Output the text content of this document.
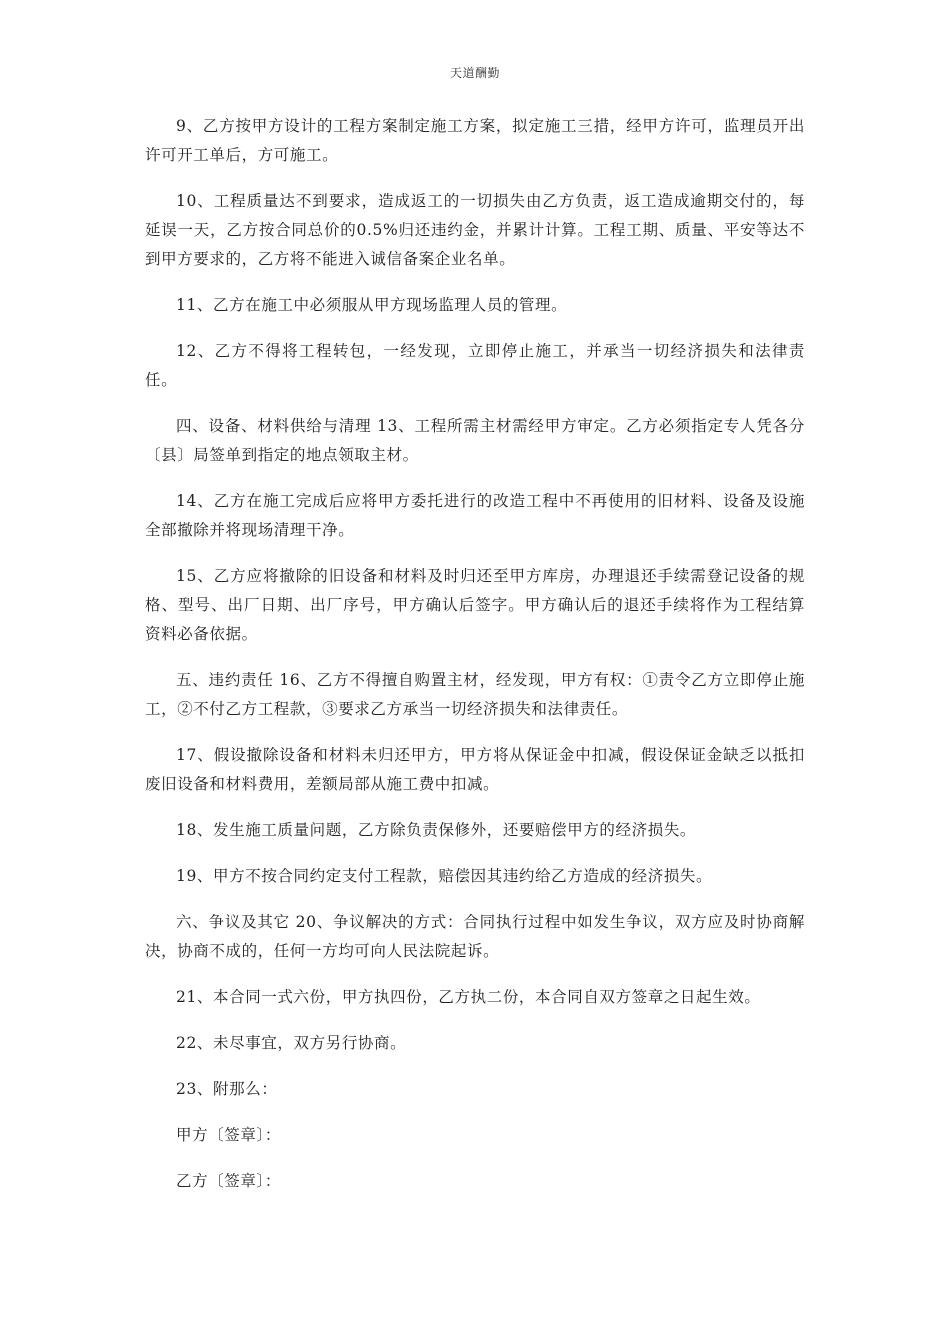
天道酬勤

9、乙方按甲方设计的工程方案制定施工方案，拟定施工三措，经甲方许可，监理员开出许可开工单后，方可施工。

10、工程质量达不到要求，造成返工的一切损失由乙方负责，返工造成逾期交付的，每延误一天，乙方按合同总价的0.5%归还违约金，并累计计算。工程工期、质量、平安等达不到甲方要求的，乙方将不能进入诚信备案企业名单。

11、乙方在施工中必须服从甲方现场监理人员的管理。

12、乙方不得将工程转包，一经发现，立即停止施工，并承当一切经济损失和法律责任。

四、设备、材料供给与清理 13、工程所需主材需经甲方审定。乙方必须指定专人凭各分〔县〕局签单到指定的地点领取主材。

14、乙方在施工完成后应将甲方委托进行的改造工程中不再使用的旧材料、设备及设施全部撤除并将现场清理干净。

15、乙方应将撤除的旧设备和材料及时归还至甲方库房，办理退还手续需登记设备的规格、型号、出厂日期、出厂序号，甲方确认后签字。甲方确认后的退还手续将作为工程结算资料必备依据。

五、违约责任 16、乙方不得擅自购置主材，经发现，甲方有权：①责令乙方立即停止施工，②不付乙方工程款，③要求乙方承当一切经济损失和法律责任。

17、假设撤除设备和材料未归还甲方，甲方将从保证金中扣减，假设保证金缺乏以抵扣废旧设备和材料费用，差额局部从施工费中扣减。

18、发生施工质量问题，乙方除负责保修外，还要赔偿甲方的经济损失。

19、甲方不按合同约定支付工程款，赔偿因其违约给乙方造成的经济损失。

六、争议及其它 20、争议解决的方式：合同执行过程中如发生争议，双方应及时协商解决，协商不成的，任何一方均可向人民法院起诉。

21、本合同一式六份，甲方执四份，乙方执二份，本合同自双方签章之日起生效。

22、未尽事宜，双方另行协商。

23、附那么：

甲方〔签章〕：

乙方〔签章〕：
